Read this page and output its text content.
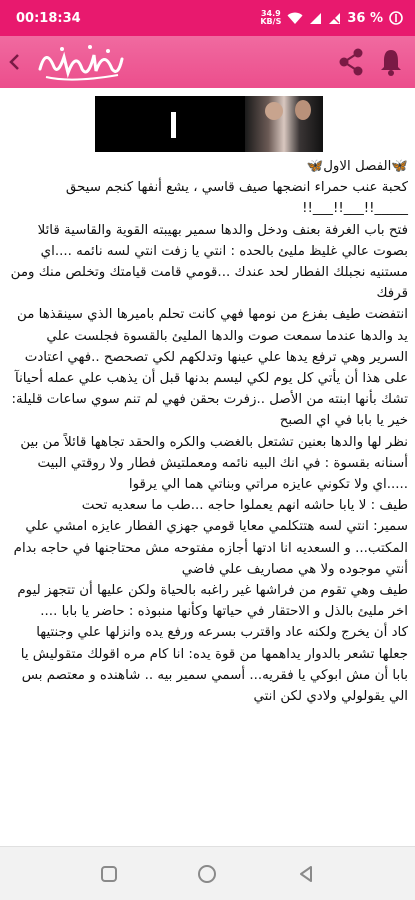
00:18:34	34.9
KB/S	36 %
🦋الفصل الاول🦋
كحبة عنب حمراء انضجها صيف قاسي ، يشع أنفها كنجم سيحق _____!!___!!___!!
فتح باب الغرفة بعنف ودخل والدها سمير بهيبته القوية والقاسية قائلا بصوت عالي غليظ مليئ بالحده : انتي يا زفت انتي لسه نائمه ....اي مستنيه نجبلك الفطار لحد عندك ...قومي قامت قيامتك وتخلص منك ومن قرفك
انتفضت طيف بفزع من نومها فهي كانت تحلم باميرها الذي سينقذها من يد والدها عندما سمعت صوت والدها المليئ بالقسوة فجلست علي السرير وهي ترفع يدها علي عينها وتدلكهم لكي تصحصح ..فهي اعتادت على هذا أن يأتي كل يوم لكي ليسم بدنها قبل أن يذهب علي عمله أحيانآ تشك بأنها ابنته من الأصل ..زفرت بحقن فهي لم تنم سوي ساعات قليلة: خير يا بابا في اي الصبح
نظر لها والدها بعنين تشتعل بالغضب والكره والحقد تجاهها قائلاً من بين أسنانه بقسوة : في انك البيه نائمه ومعملتيش فطار ولا روقتي البيت .....اي ولا تكوني عايزه مراتي وبناتي هما الي يرقوا
طيف : لا يابا حاشه انهم يعملوا حاجه ...طب ما سعديه تحت
سمير: انتي لسه هتتكلمي معايا قومي جهزي الفطار عايزه امشي علي المكتب... و السعديه انا ادتها أجازه مفتوحه مش محتاجنها في حاجه بدام أنتي موجوده ولا هي مصاريف علي فاضي
طيف وهي تقوم من فراشها غير راغبه بالحياة ولكن عليها أن تتجهز ليوم اخر مليئ بالذل و الاحتقار في حياتها وكأنها منبوذه : حاضر يا بابا ....
كاد أن يخرج ولكنه عاد واقترب بسرعه ورفع يده وانزلها علي وجنتيها جعلها تشعر بالدوار يداهمها من قوة يده: انا كام مره اقولك متقوليش يا بابا أن مش ابوكي يا فقريه... أسمي سمير بيه .. شاهنده و معتصم بس الي يقولولي ولادي لكن انتي
